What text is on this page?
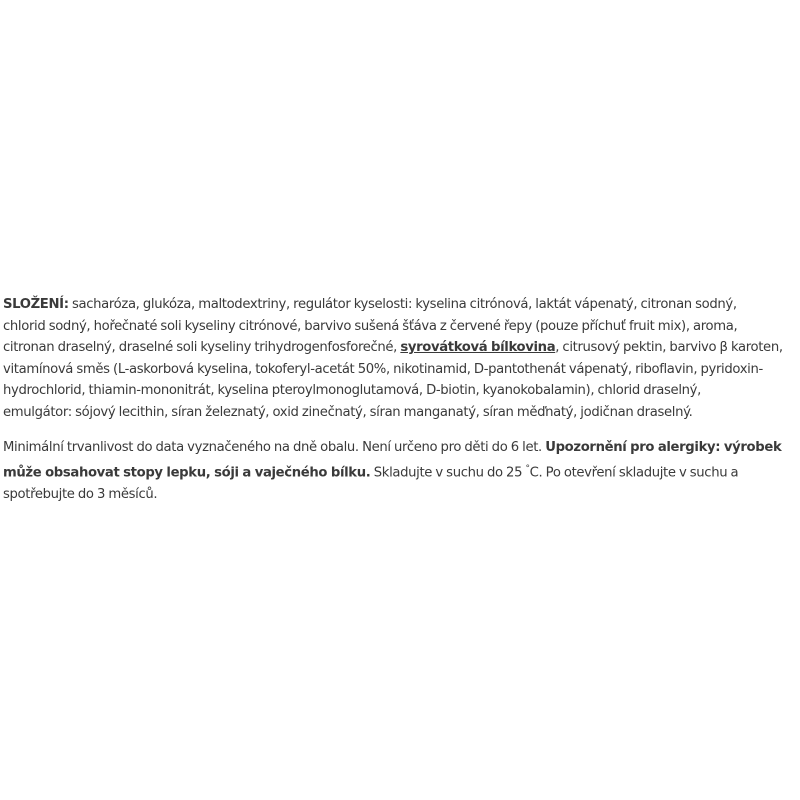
SLOŽENÍ: sacharóza, glukóza, maltodextriny, regulátor kyselosti: kyselina citrónová, laktát vápenatý, citronan sodný,
chlorid sodný, hořečnaté soli kyseliny citrónové, barvivo sušená šťáva z červené řepy (pouze příchuť fruit mix), aroma,
citronan draselný, draselné soli kyseliny trihydrogenfosforečné, syrovátková bílkovina, citrusový pektin, barvivo β karoten,
vitamínová směs (L-askorbová kyselina, tokoferyl-acetát 50%, nikotinamid, D-pantothenát vápenatý, riboflavin, pyridoxin-
hydrochlorid, thiamin-mononitrát, kyselina pteroylmonoglutamová, D-biotin, kyanokobalamin), chlorid draselný,
emulgátor: sójový lecithin, síran železnatý, oxid zinečnatý, síran manganatý, síran měďnatý, jodičnan draselný.
Minimální trvanlivost do data vyznačeného na dně obalu. Není určeno pro děti do 6 let. Upozornění pro alergiky: výrobek
může obsahovat stopy lepku, sóji a vaječného bílku. Skladujte v suchu do 25 °C. Po otevření skladujte v suchu a
spotřebujte do 3 měsíců.
